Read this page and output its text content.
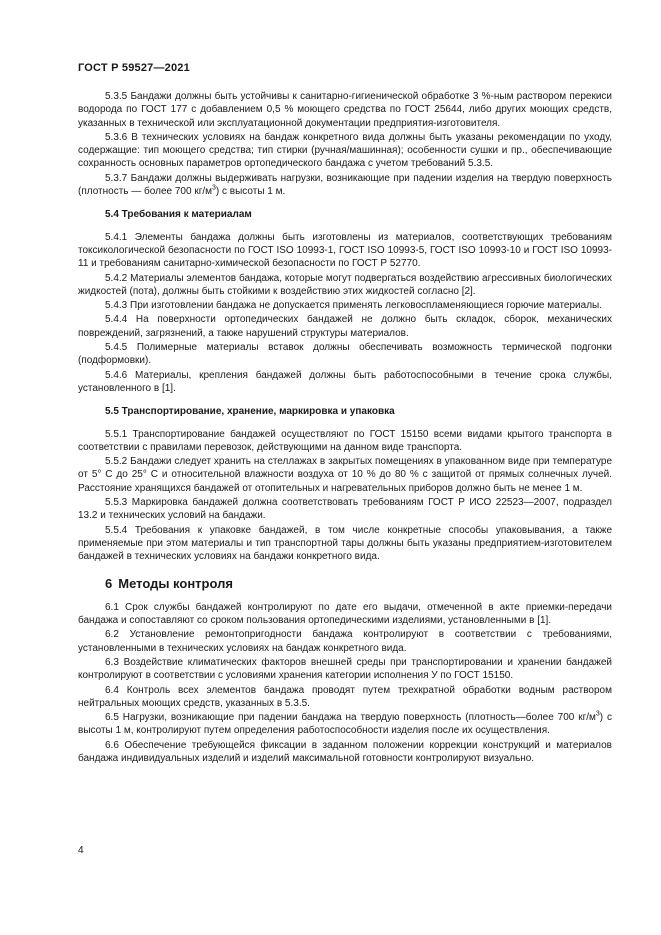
ГОСТ Р 59527—2021

5.3.5 Бандажи должны быть устойчивы к санитарно-гигиенической обработке 3 %-ным раствором перекиси водорода по ГОСТ 177 с добавлением 0,5 % моющего средства по ГОСТ 25644, либо других моющих средств, указанных в технической или эксплуатационной документации предприятия-изготовителя.

5.3.6 В технических условиях на бандаж конкретного вида должны быть указаны рекомендации по уходу, содержащие: тип моющего средства; тип стирки (ручная/машинная); особенности сушки и пр., обеспечивающие сохранность основных параметров ортопедического бандажа с учетом требований 5.3.5.

5.3.7 Бандажи должны выдерживать нагрузки, возникающие при падении изделия на твердую поверхность (плотность — более 700 $кг/м^3$) с высоты 1 м.

5.4 Требования к материалам

5.4.1 Элементы бандажа должны быть изготовлены из материалов, соответствующих требованиям токсикологической безопасности по ГОСТ ISO 10993-1, ГОСТ ISO 10993-5, ГОСТ ISO 10993-10 и ГОСТ ISO 10993-11 и требованиям санитарно-химической безопасности по ГОСТ Р 52770.

5.4.2 Материалы элементов бандажа, которые могут подвергаться воздействию агрессивных биологических жидкостей (пота), должны быть стойкими к воздействию этих жидкостей согласно [2].

5.4.3 При изготовлении бандажа не допускается применять легковоспламеняющиеся горючие материалы.

5.4.4 На поверхности ортопедических бандажей не должно быть складок, сборок, механических повреждений, загрязнений, а также нарушений структуры материалов.

5.4.5 Полимерные материалы вставок должны обеспечивать возможность термической подгонки (подформовки).

5.4.6 Материалы, крепления бандажей должны быть работоспособными в течение срока службы, установленного в [1].

5.5 Транспортирование, хранение, маркировка и упаковка

5.5.1 Транспортирование бандажей осуществляют по ГОСТ 15150 всеми видами крытого транспорта в соответствии с правилами перевозок, действующими на данном виде транспорта.

5.5.2 Бандажи следует хранить на стеллажах в закрытых помещениях в упакованном виде при температуре от 5° С до 25° С и относительной влажности воздуха от 10 % до 80 % с защитой от прямых солнечных лучей. Расстояние хранящихся бандажей от отопительных и нагревательных приборов должно быть не менее 1 м.

5.5.3 Маркировка бандажей должна соответствовать требованиям ГОСТ Р ИСО 22523—2007, подраздел 13.2 и технических условий на бандажи.

5.5.4 Требования к упаковке бандажей, в том числе конкретные способы упаковывания, а также применяемые при этом материалы и тип транспортной тары должны быть указаны предприятием-изготовителем бандажей в технических условиях на бандажи конкретного вида.

6 Методы контроля

6.1 Срок службы бандажей контролируют по дате его выдачи, отмеченной в акте приемки-передачи бандажа и сопоставляют со сроком пользования ортопедическими изделиями, установленными в [1].

6.2 Установление ремонтопригодности бандажа контролируют в соответствии с требованиями, установленными в технических условиях на бандаж конкретного вида.

6.3 Воздействие климатических факторов внешней среды при транспортировании и хранении бандажей контролируют в соответствии с условиями хранения категории исполнения У по ГОСТ 15150.

6.4 Контроль всех элементов бандажа проводят путем трехкратной обработки водным раствором нейтральных моющих средств, указанных в 5.3.5.

6.5 Нагрузки, возникающие при падении бандажа на твердую поверхность (плотность—более 700 $кг/м^3$) с высоты 1 м, контролируют путем определения работоспособности изделия после их осуществления.

6.6 Обеспечение требующейся фиксации в заданном положении коррекции конструкций и материалов бандажа индивидуальных изделий и изделий максимальной готовности контролируют визуально.

4
